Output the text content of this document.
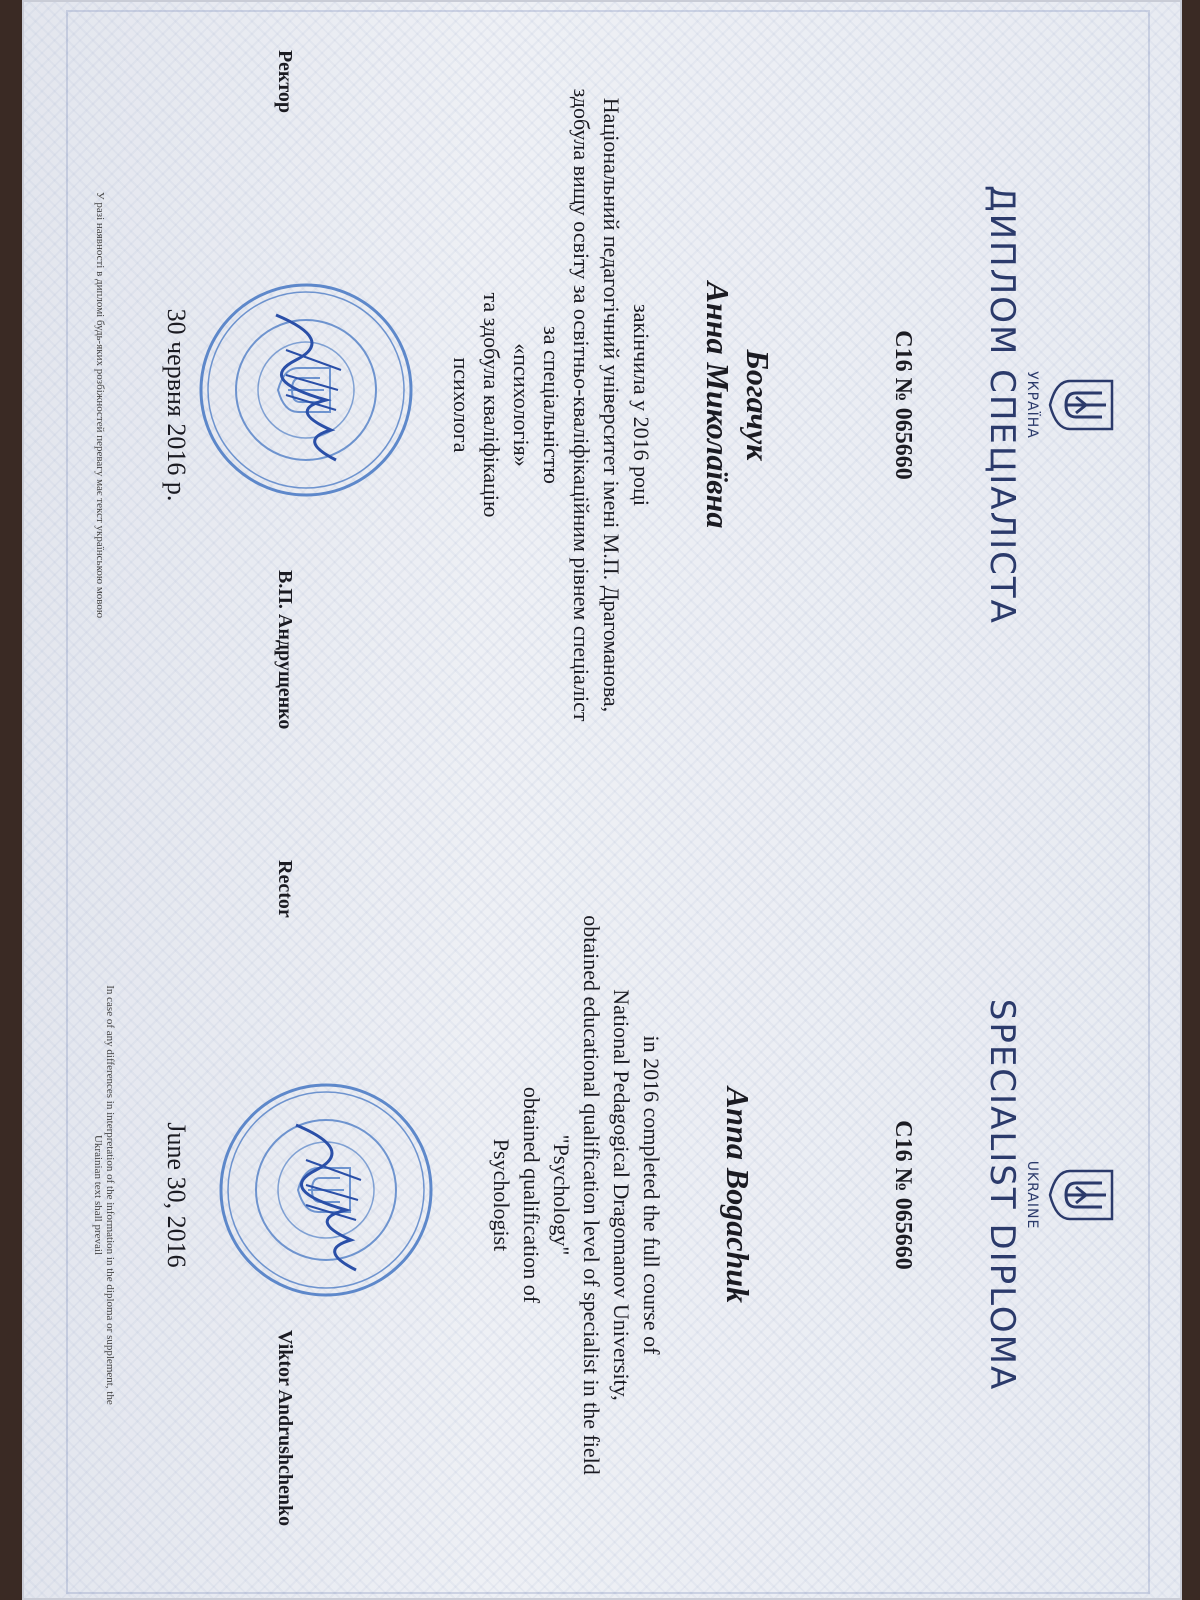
УКРАЇНА
ДИПЛОМ СПЕЦІАЛІСТА
С16 № 065660
Богачук
Анна Миколаївна
закінчила у 2016 році
Національний педагогічний університет імені М.П. Драгоманова,
здобула вищу освіту за освітньо-кваліфікаційним рівнем спеціаліст
за спеціальністю
«психологія»
та здобула кваліфікацію
психолога
Ректор
В.П. Андрущенко
30 червня 2016 р.
У разі наявності в дипломі будь-яких розбіжностей перевагу має текст українською мовою
UKRAINE
SPECIALIST DIPLOMA
C16 № 065660
Anna Bogachuk
in 2016 completed the full course of
National Pedagogical Dragomanov University,
obtained educational qualification level of specialist in the field
"Psychology"
obtained qualification of
Psychologist
Rector
Viktor Andrushchenko
June 30, 2016
In case of any differences in interpretation of the information in the diploma or supplement, the
Ukrainian text shall prevail
